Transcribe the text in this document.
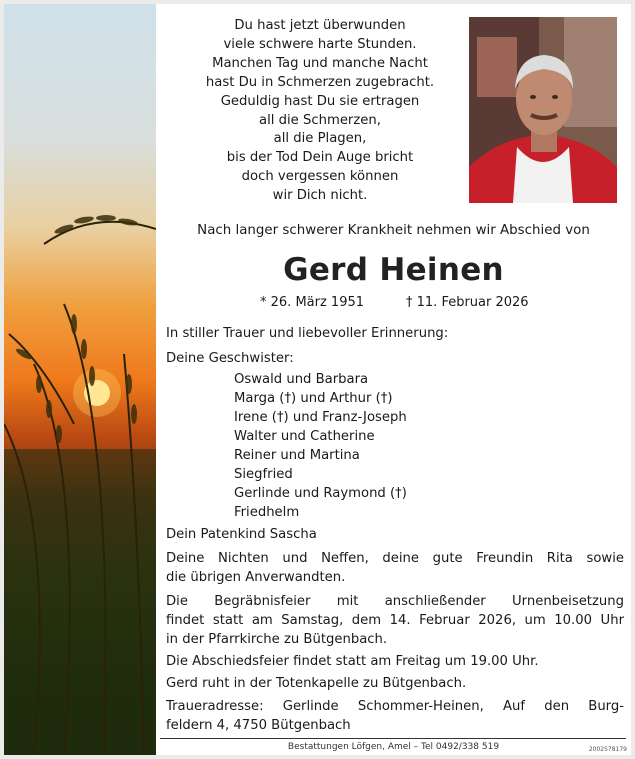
Du hast jetzt überwunden
viele schwere harte Stunden.
Manchen Tag und manche Nacht
hast Du in Schmerzen zugebracht.
Geduldig hast Du sie ertragen
all die Schmerzen,
all die Plagen,
bis der Tod Dein Auge bricht
doch vergessen können
wir Dich nicht.
Nach langer schwerer Krankheit nehmen wir Abschied von
Gerd Heinen
* 26. März 1951	† 11. Februar 2026
In stiller Trauer und liebevoller Erinnerung:
Deine Geschwister:
Oswald und Barbara
Marga (†) und Arthur (†)
Irene (†) und Franz-Joseph
Walter und Catherine
Reiner und Martina
Siegfried
Gerlinde und Raymond (†)
Friedhelm
Dein Patenkind Sascha
Deine Nichten und Neffen, deine gute Freundin Rita sowie
die übrigen Anverwandten.
Die Begräbnisfeier mit anschließender Urnenbeisetzung
findet statt am Samstag, dem 14. Februar 2026, um 10.00 Uhr
in der Pfarrkirche zu Bütgenbach.
Die Abschiedsfeier findet statt am Freitag um 19.00 Uhr.
Gerd ruht in der Totenkapelle zu Bütgenbach.
Traueradresse: Gerlinde Schommer-Heinen, Auf den Burg-
feldern 4, 4750 Bütgenbach
Bestattungen Löfgen, Amel – Tel 0492/338 519	2002578179
